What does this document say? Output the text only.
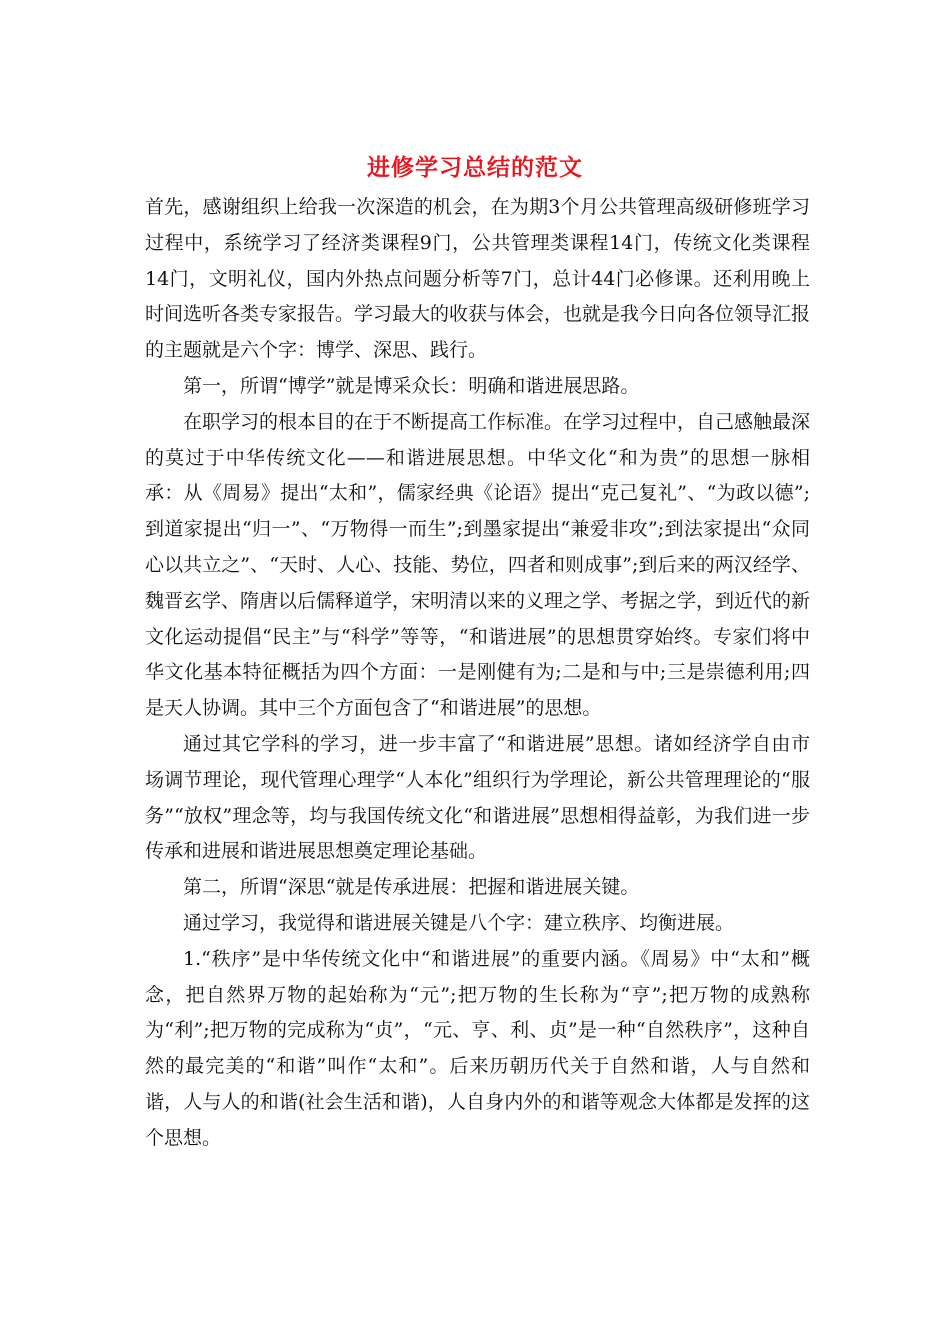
进修学习总结的范文

首先，感谢组织上给我一次深造的机会，在为期3个月公共管理高级研修班学习过程中，系统学习了经济类课程9门，公共管理类课程14门，传统文化类课程14门，文明礼仪，国内外热点问题分析等7门，总计44门必修课。还利用晚上时间选听各类专家报告。学习最大的收获与体会，也就是我今日向各位领导汇报的主题就是六个字：博学、深思、践行。

第一，所谓“博学”就是博采众长：明确和谐进展思路。

在职学习的根本目的在于不断提高工作标准。在学习过程中，自己感触最深的莫过于中华传统文化——和谐进展思想。中华文化“和为贵”的思想一脉相承：从《周易》提出“太和”，儒家经典《论语》提出“克己复礼”、“为政以德”;到道家提出“归一”、“万物得一而生”;到墨家提出“兼爱非攻”;到法家提出“众同心以共立之”、“天时、人心、技能、势位，四者和则成事”;到后来的两汉经学、魏晋玄学、隋唐以后儒释道学，宋明清以来的义理之学、考据之学，到近代的新文化运动提倡“民主”与“科学”等等，“和谐进展”的思想贯穿始终。专家们将中华文化基本特征概括为四个方面：一是刚健有为;二是和与中;三是崇德利用;四是天人协调。其中三个方面包含了“和谐进展”的思想。

通过其它学科的学习，进一步丰富了“和谐进展”思想。诸如经济学自由市场调节理论，现代管理心理学“人本化”组织行为学理论，新公共管理理论的“服务”“放权”理念等，均与我国传统文化“和谐进展”思想相得益彰，为我们进一步传承和进展和谐进展思想奠定理论基础。

第二，所谓“深思“就是传承进展：把握和谐进展关键。

通过学习，我觉得和谐进展关键是八个字：建立秩序、均衡进展。

1.“秩序”是中华传统文化中“和谐进展”的重要内涵。《周易》中“太和”概念，把自然界万物的起始称为“元”;把万物的生长称为“亨”;把万物的成熟称为“利”;把万物的完成称为“贞”，“元、亨、利、贞”是一种“自然秩序”，这种自然的最完美的“和谐”叫作“太和”。后来历朝历代关于自然和谐，人与自然和谐，人与人的和谐(社会生活和谐)，人自身内外的和谐等观念大体都是发挥的这个思想。
